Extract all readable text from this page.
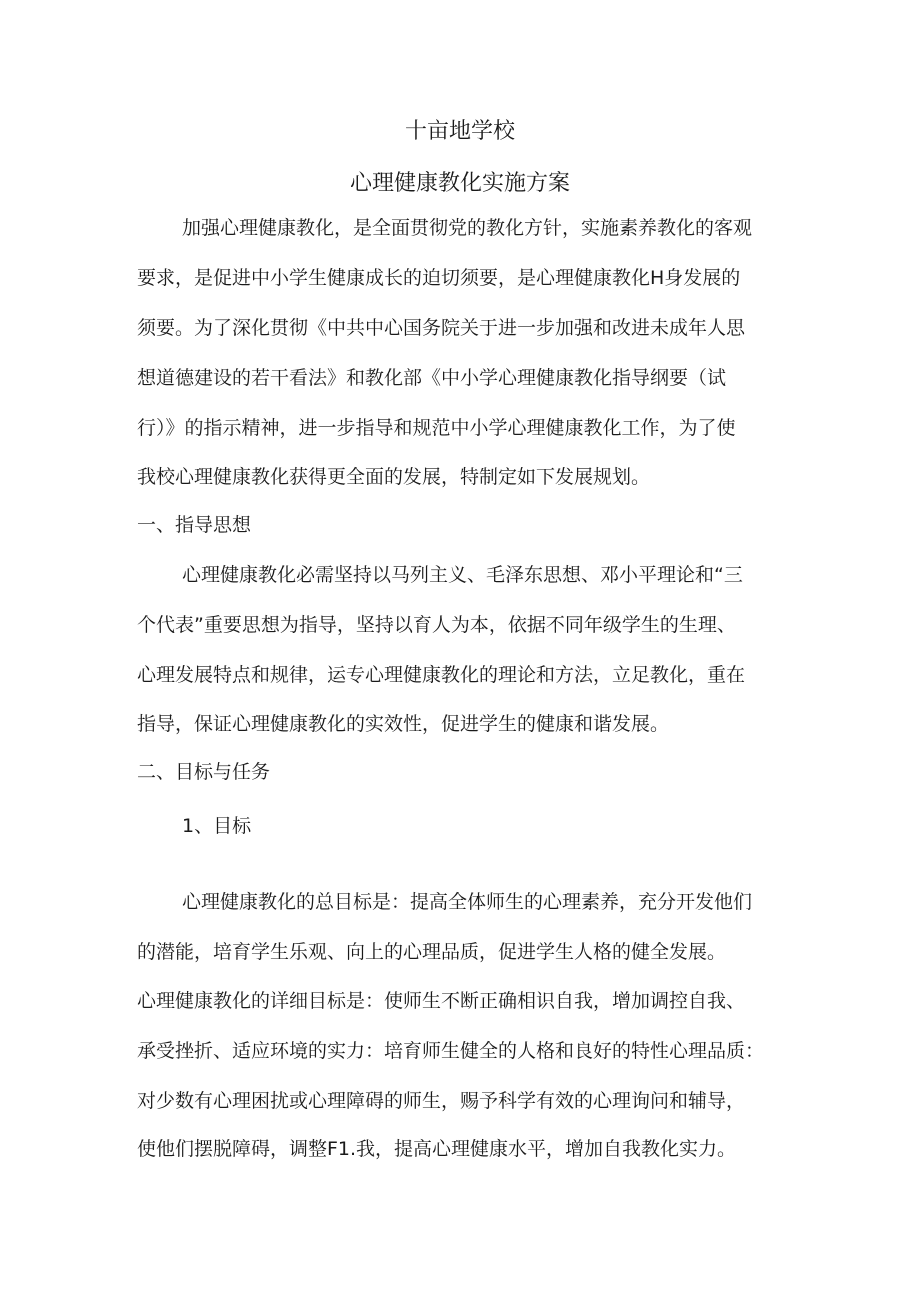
十亩地学校
心理健康教化实施方案
加强心理健康教化，是全面贯彻党的教化方针，实施素养教化的客观
要求，是促进中小学生健康成长的迫切须要，是心理健康教化H身发展的
须要。为了深化贯彻《中共中心国务院关于进一步加强和改进未成年人思
想道德建设的若干看法》和教化部《中小学心理健康教化指导纲要（试
行）》的指示精神，进一步指导和规范中小学心理健康教化工作，为了使
我校心理健康教化获得更全面的发展，特制定如下发展规划。
一、指导思想
心理健康教化必需坚持以马列主义、毛泽东思想、邓小平理论和“三
个代表”重要思想为指导，坚持以育人为本，依据不同年级学生的生理、
心理发展特点和规律，运专心理健康教化的理论和方法，立足教化，重在
指导，保证心理健康教化的实效性，促进学生的健康和谐发展。
二、目标与任务
1、目标
心理健康教化的总目标是：提高全体师生的心理素养，充分开发他们
的潜能，培育学生乐观、向上的心理品质，促进学生人格的健全发展。
心理健康教化的详细目标是：使师生不断正确相识自我，增加调控自我、
承受挫折、适应环境的实力：培育师生健全的人格和良好的特性心理品质：
对少数有心理困扰或心理障碍的师生，赐予科学有效的心理询问和辅导，
使他们摆脱障碍，调整F1.我，提高心理健康水平，增加自我教化实力。
